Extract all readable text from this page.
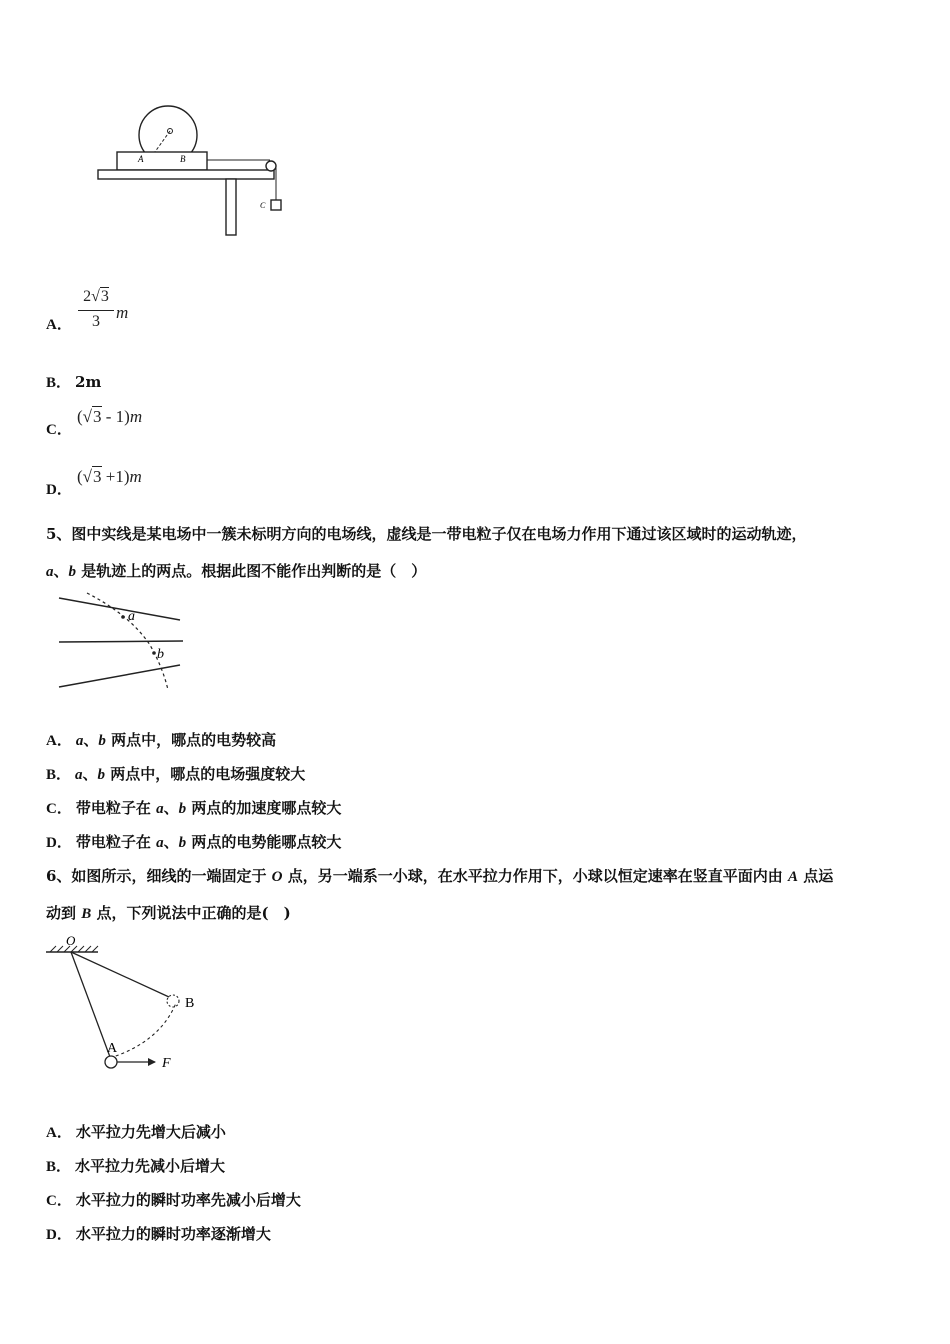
A	B
C
A．
2√3
3 m
B． 2m
C．
(√3 - 1)m
D．
(√3 +1)m
5、图中实线是某电场中一簇未标明方向的电场线，虚线是一带电粒子仅在电场力作用下通过该区域时的运动轨迹，
a、b 是轨迹上的两点。根据此图不能作出判断的是（　）
a
b
A． a、b 两点中，哪点的电势较高
B． a、b 两点中，哪点的电场强度较大
C． 带电粒子在 a、b 两点的加速度哪点较大
D． 带电粒子在 a、b 两点的电势能哪点较大
6、如图所示，细线的一端固定于 O 点，另一端系一小球，在水平拉力作用下，小球以恒定速率在竖直平面内由 A 点运
动到 B 点，下列说法中正确的是(　)
O
B
A
F
A． 水平拉力先增大后减小
B． 水平拉力先减小后增大
C． 水平拉力的瞬时功率先减小后增大
D． 水平拉力的瞬时功率逐渐增大
